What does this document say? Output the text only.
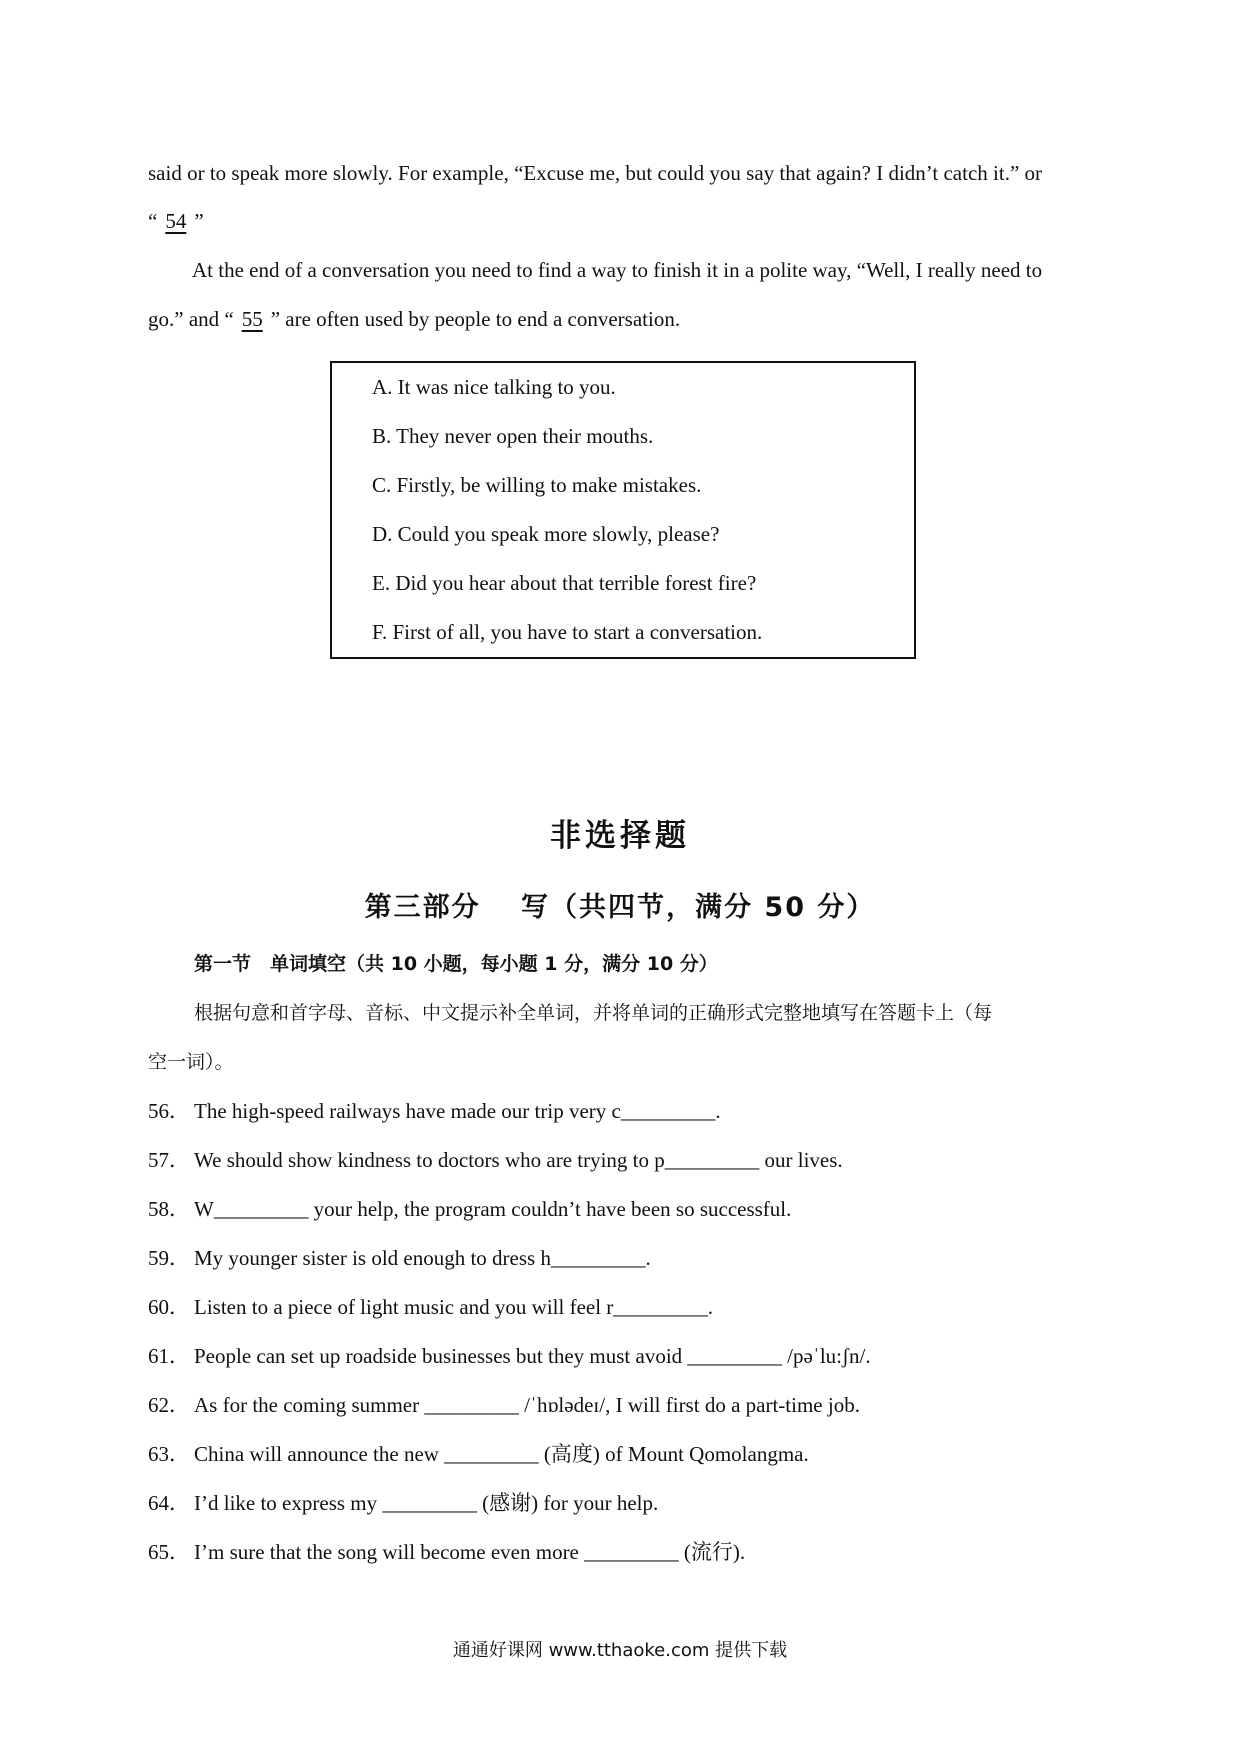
said or to speak more slowly. For example, “Excuse me, but could you say that again? I didn’t catch it.” or
“ 54 ”
At the end of a conversation you need to find a way to finish it in a polite way, “Well, I really need to
go.” and “ 55 ” are often used by people to end a conversation.
A. It was nice talking to you.
B. They never open their mouths.
C. Firstly, be willing to make mistakes.
D. Could you speak more slowly, please?
E. Did you hear about that terrible forest fire?
F. First of all, you have to start a conversation.
非选择题
第三部分　 写（共四节，满分 50 分）
第一节　单词填空（共 10 小题，每小题 1 分，满分 10 分）
根据句意和首字母、音标、中文提示补全单词，并将单词的正确形式完整地填写在答题卡上（每
空一词）。
56． The high-speed railways have made our trip very c_________.
57． We should show kindness to doctors who are trying to p_________ our lives.
58． W_________ your help, the program couldn’t have been so successful.
59． My younger sister is old enough to dress h_________.
60． Listen to a piece of light music and you will feel r_________.
61． People can set up roadside businesses but they must avoid _________ /pəˈlu:ʃn/.
62． As for the coming summer _________ /ˈhɒlədeɪ/, I will first do a part-time job.
63． China will announce the new _________ (高度) of Mount Qomolangma.
64． I’d like to express my _________ (感谢) for your help.
65． I’m sure that the song will become even more _________ (流行).
通通好课网 www.tthaoke.com 提供下载
